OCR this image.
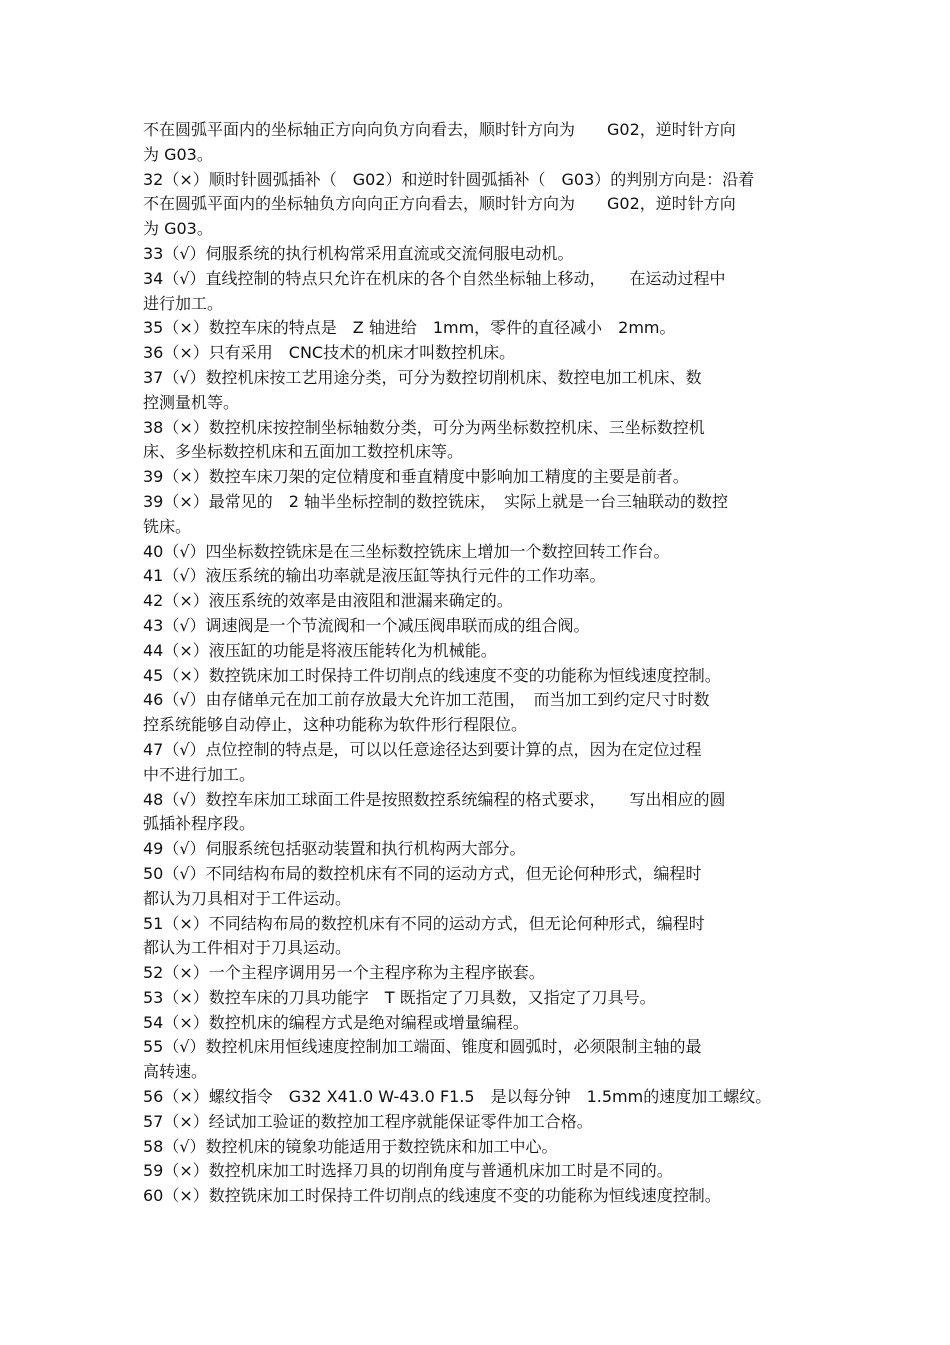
不在圆弧平面内的坐标轴正方向向负方向看去，顺时针方向为　　G02，逆时针方向
为 G03。
32（×）顺时针圆弧插补（　G02）和逆时针圆弧插补（　G03）的判别方向是：沿着
不在圆弧平面内的坐标轴负方向向正方向看去，顺时针方向为　　G02，逆时针方向
为 G03。
33（√）伺服系统的执行机构常采用直流或交流伺服电动机。
34（√）直线控制的特点只允许在机床的各个自然坐标轴上移动，　　在运动过程中
进行加工。
35（×）数控车床的特点是　Z 轴进给　1mm，零件的直径减小　2mm。
36（×）只有采用　CNC技术的机床才叫数控机床。
37（√）数控机床按工艺用途分类，可分为数控切削机床、数控电加工机床、数
控测量机等。
38（×）数控机床按控制坐标轴数分类，可分为两坐标数控机床、三坐标数控机
床、多坐标数控机床和五面加工数控机床等。
39（×）数控车床刀架的定位精度和垂直精度中影响加工精度的主要是前者。
39（×）最常见的　2 轴半坐标控制的数控铣床，　实际上就是一台三轴联动的数控
铣床。
40（√）四坐标数控铣床是在三坐标数控铣床上增加一个数控回转工作台。
41（√）液压系统的输出功率就是液压缸等执行元件的工作功率。
42（×）液压系统的效率是由液阻和泄漏来确定的。
43（√）调速阀是一个节流阀和一个减压阀串联而成的组合阀。
44（×）液压缸的功能是将液压能转化为机械能。
45（×）数控铣床加工时保持工件切削点的线速度不变的功能称为恒线速度控制。
46（√）由存储单元在加工前存放最大允许加工范围，　而当加工到约定尺寸时数
控系统能够自动停止，这种功能称为软件形行程限位。
47（√）点位控制的特点是，可以以任意途径达到要计算的点，因为在定位过程
中不进行加工。
48（√）数控车床加工球面工件是按照数控系统编程的格式要求，　　写出相应的圆
弧插补程序段。
49（√）伺服系统包括驱动装置和执行机构两大部分。
50（√）不同结构布局的数控机床有不同的运动方式，但无论何种形式，编程时
都认为刀具相对于工件运动。
51（×）不同结构布局的数控机床有不同的运动方式，但无论何种形式，编程时
都认为工件相对于刀具运动。
52（×）一个主程序调用另一个主程序称为主程序嵌套。
53（×）数控车床的刀具功能字　T 既指定了刀具数，又指定了刀具号。
54（×）数控机床的编程方式是绝对编程或增量编程。
55（√）数控机床用恒线速度控制加工端面、锥度和圆弧时，必须限制主轴的最
高转速。
56（×）螺纹指令　G32 X41.0 W-43.0 F1.5　是以每分钟　1.5mm的速度加工螺纹。
57（×）经试加工验证的数控加工程序就能保证零件加工合格。
58（√）数控机床的镜象功能适用于数控铣床和加工中心。
59（×）数控机床加工时选择刀具的切削角度与普通机床加工时是不同的。
60（×）数控铣床加工时保持工件切削点的线速度不变的功能称为恒线速度控制。
